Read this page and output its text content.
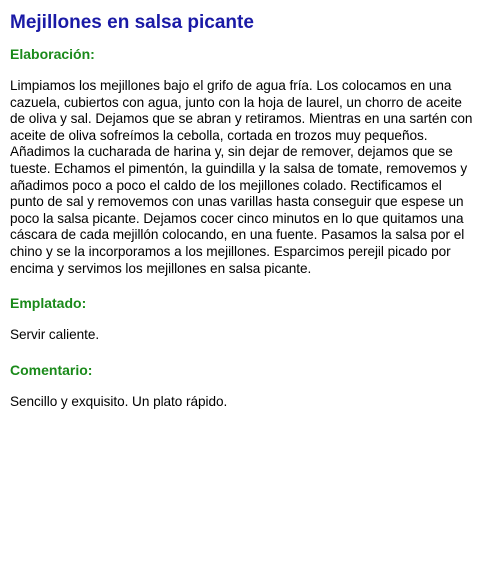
Mejillones en salsa picante
Elaboración:

Limpiamos los mejillones bajo el grifo de agua fría. Los colocamos en una cazuela, cubiertos con agua, junto con la hoja de laurel, un chorro de aceite de oliva y sal. Dejamos que se abran y retiramos. Mientras en una sartén con aceite de oliva sofreímos la cebolla, cortada en trozos muy pequeños. Añadimos la cucharada de harina y, sin dejar de remover, dejamos que se tueste. Echamos el pimentón, la guindilla y la salsa de tomate, removemos y añadimos poco a poco el caldo de los mejillones colado. Rectificamos el punto de sal y removemos con unas varillas hasta conseguir que espese un poco la salsa picante. Dejamos cocer cinco minutos en lo que quitamos una cáscara de cada mejillón colocando, en una fuente. Pasamos la salsa por el chino y se la incorporamos a los mejillones. Esparcimos perejil picado por encima y servimos los mejillones en salsa picante.

Emplatado:

Servir caliente.

Comentario:

Sencillo y exquisito. Un plato rápido.
